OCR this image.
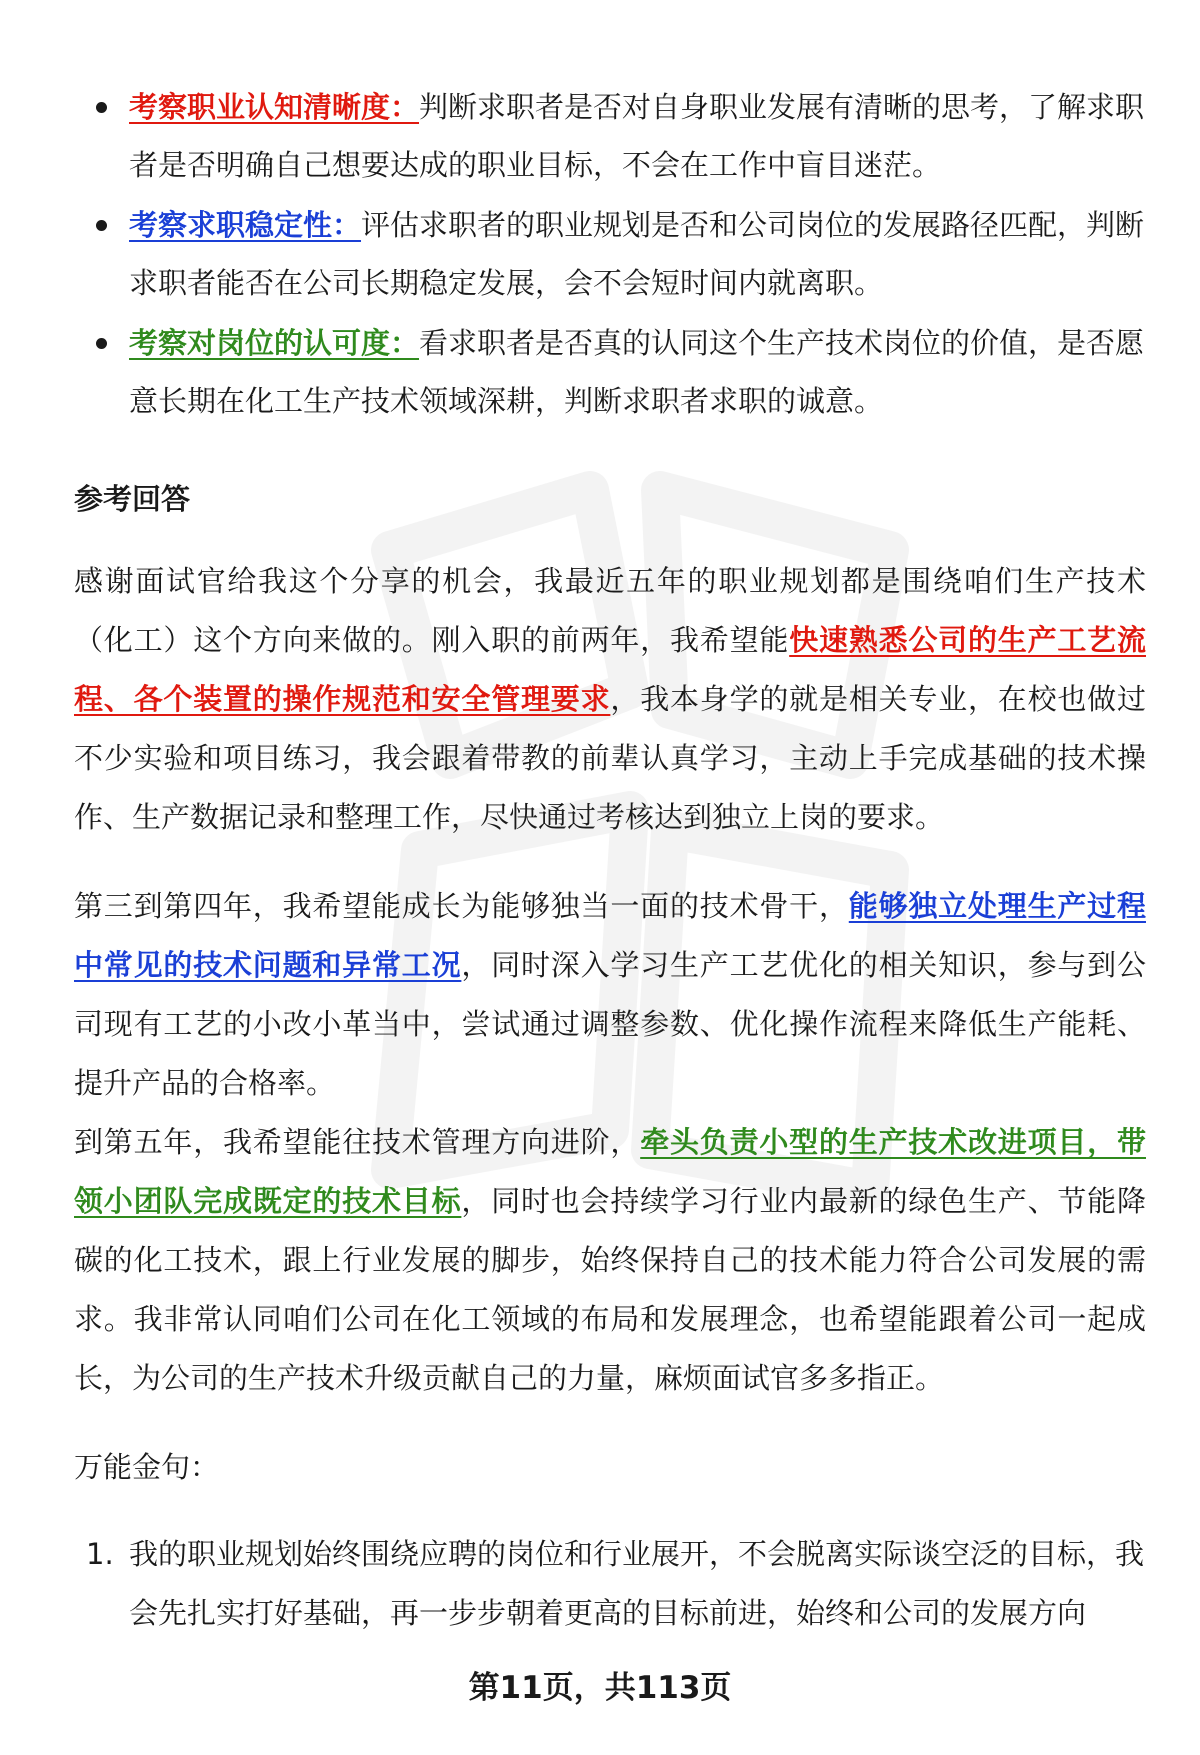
考察职业认知清晰度：判断求职者是否对自身职业发展有清晰的思考，了解求职者是否明确自己想要达成的职业目标，不会在工作中盲目迷茫。
考察求职稳定性：评估求职者的职业规划是否和公司岗位的发展路径匹配，判断求职者能否在公司长期稳定发展，会不会短时间内就离职。
考察对岗位的认可度：看求职者是否真的认同这个生产技术岗位的价值，是否愿意长期在化工生产技术领域深耕，判断求职者求职的诚意。
参考回答

感谢面试官给我这个分享的机会，我最近五年的职业规划都是围绕咱们生产技术（化工）这个方向来做的。刚入职的前两年，我希望能快速熟悉公司的生产工艺流程、各个装置的操作规范和安全管理要求，我本身学的就是相关专业，在校也做过不少实验和项目练习，我会跟着带教的前辈认真学习，主动上手完成基础的技术操作、生产数据记录和整理工作，尽快通过考核达到独立上岗的要求。

第三到第四年，我希望能成长为能够独当一面的技术骨干，能够独立处理生产过程中常见的技术问题和异常工况，同时深入学习生产工艺优化的相关知识，参与到公司现有工艺的小改小革当中，尝试通过调整参数、优化操作流程来降低生产能耗、提升产品的合格率。

到第五年，我希望能往技术管理方向进阶，牵头负责小型的生产技术改进项目，带领小团队完成既定的技术目标，同时也会持续学习行业内最新的绿色生产、节能降碳的化工技术，跟上行业发展的脚步，始终保持自己的技术能力符合公司发展的需求。我非常认同咱们公司在化工领域的布局和发展理念，也希望能跟着公司一起成长，为公司的生产技术升级贡献自己的力量，麻烦面试官多多指正。

万能金句：

1. 我的职业规划始终围绕应聘的岗位和行业展开，不会脱离实际谈空泛的目标，我会先扎实打好基础，再一步步朝着更高的目标前进，始终和公司的发展方向
第11页，共113页
